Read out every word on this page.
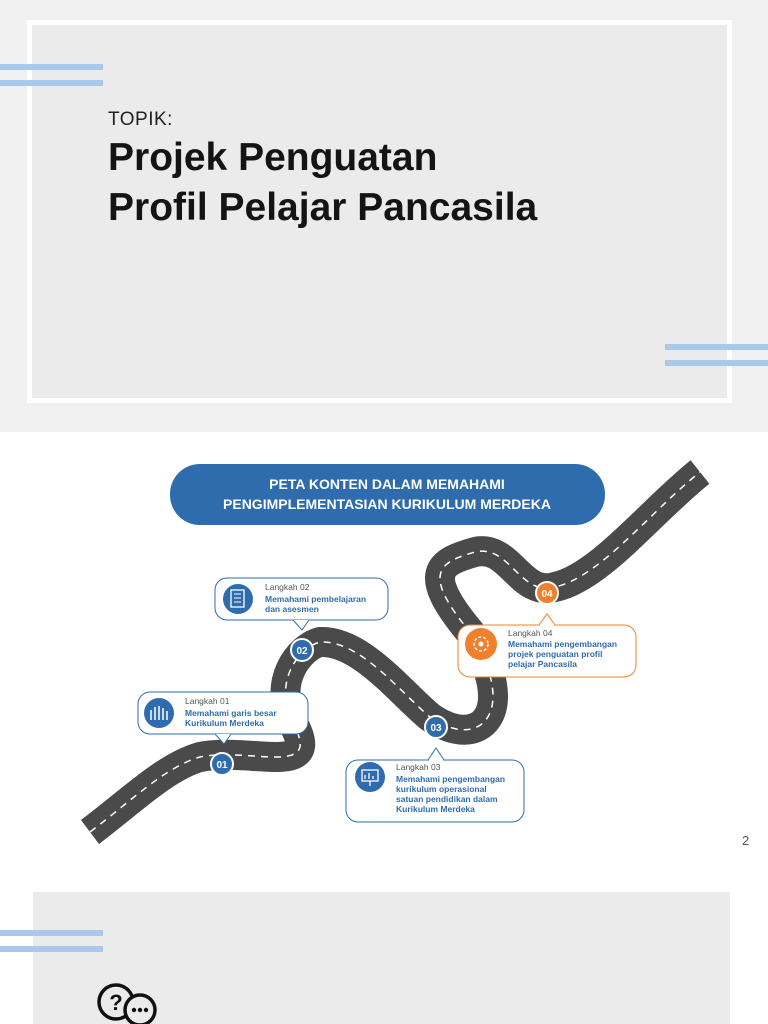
TOPIK:
Projek Penguatan
Profil Pelajar Pancasila
PETA KONTEN DALAM MEMAHAMI
PENGIMPLEMENTASIAN KURIKULUM MERDEKA
01
02
03
04
Langkah 01
Memahami garis besar
Kurikulum Merdeka
Langkah 02
Memahami pembelajaran
dan asesmen
Langkah 03
Memahami pengembangan
kurikulum operasional
satuan pendidikan dalam
Kurikulum Merdeka
Langkah 04
Memahami pengembangan
projek penguatan profil
pelajar Pancasila
2
?
